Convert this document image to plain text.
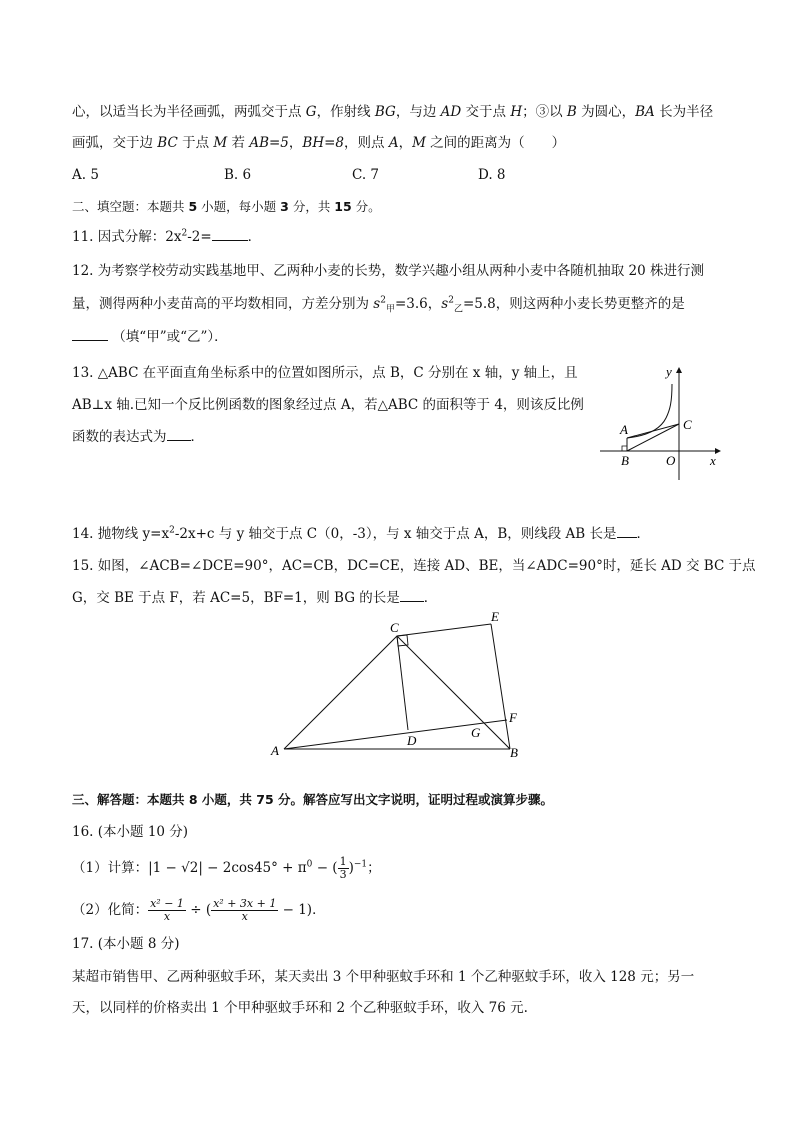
心，以适当长为半径画弧，两弧交于点 G，作射线 BG，与边 AD 交于点 H；③以 B 为圆心，BA 长为半径
画弧，交于边 BC 于点 M 若 AB=5，BH=8，则点 A，M 之间的距离为（　　）
A. 5	B. 6	C. 7	D. 8
二、填空题：本题共 5 小题，每小题 3 分，共 15 分。
11. 因式分解：$2x^2-2=$	．
12. 为考察学校劳动实践基地甲、乙两种小麦的长势，数学兴趣小组从两种小麦中各随机抽取 20 株进行测
量，测得两种小麦苗高的平均数相同，方差分别为 $s^2_甲=3.6$，$s^2_乙=5.8$，则这两种小麦长势更整齐的是
（填“甲”或“乙”）．
13. △ABC 在平面直角坐标系中的位置如图所示，点 B，C 分别在 x 轴，y 轴上，且
AB⊥x 轴.已知一个反比例函数的图象经过点 A，若△ABC 的面积等于 4，则该反比例
函数的表达式为 ．
y
x
A
B
C
O
14. 抛物线 $y=x^2-2x+c$ 与 y 轴交于点 C（0，-3），与 x 轴交于点 A，B，则线段 AB 长是 ．
15. 如图，∠ACB=∠DCE=90°，AC=CB，DC=CE，连接 AD、BE，当∠ADC=90°时，延长 AD 交 BC 于点
G，交 BE 于点 F，若 AC=5，BF=1，则 BG 的长是 ．
C
E
F
G
D
A	B
三、解答题：本题共 8 小题，共 75 分。解答应写出文字说明，证明过程或演算步骤。
16. (本小题 10 分)
（1）计算：$|1 - √2| - 2\cos 45^\circ + \pi^0$ − ( $\frac{1}{3} )^{-1}$；
（2）化简： $\frac{\text{x² − 1}}{x}$ ÷ ( $\frac{\text{x² + 3x + 1}}{x} - 1$)．
17. (本小题 8 分)
某超市销售甲、乙两种驱蚊手环，某天卖出 3 个甲种驱蚊手环和 1 个乙种驱蚊手环，收入 128 元；另一
天，以同样的价格卖出 1 个甲种驱蚊手环和 2 个乙种驱蚊手环，收入 76 元.
